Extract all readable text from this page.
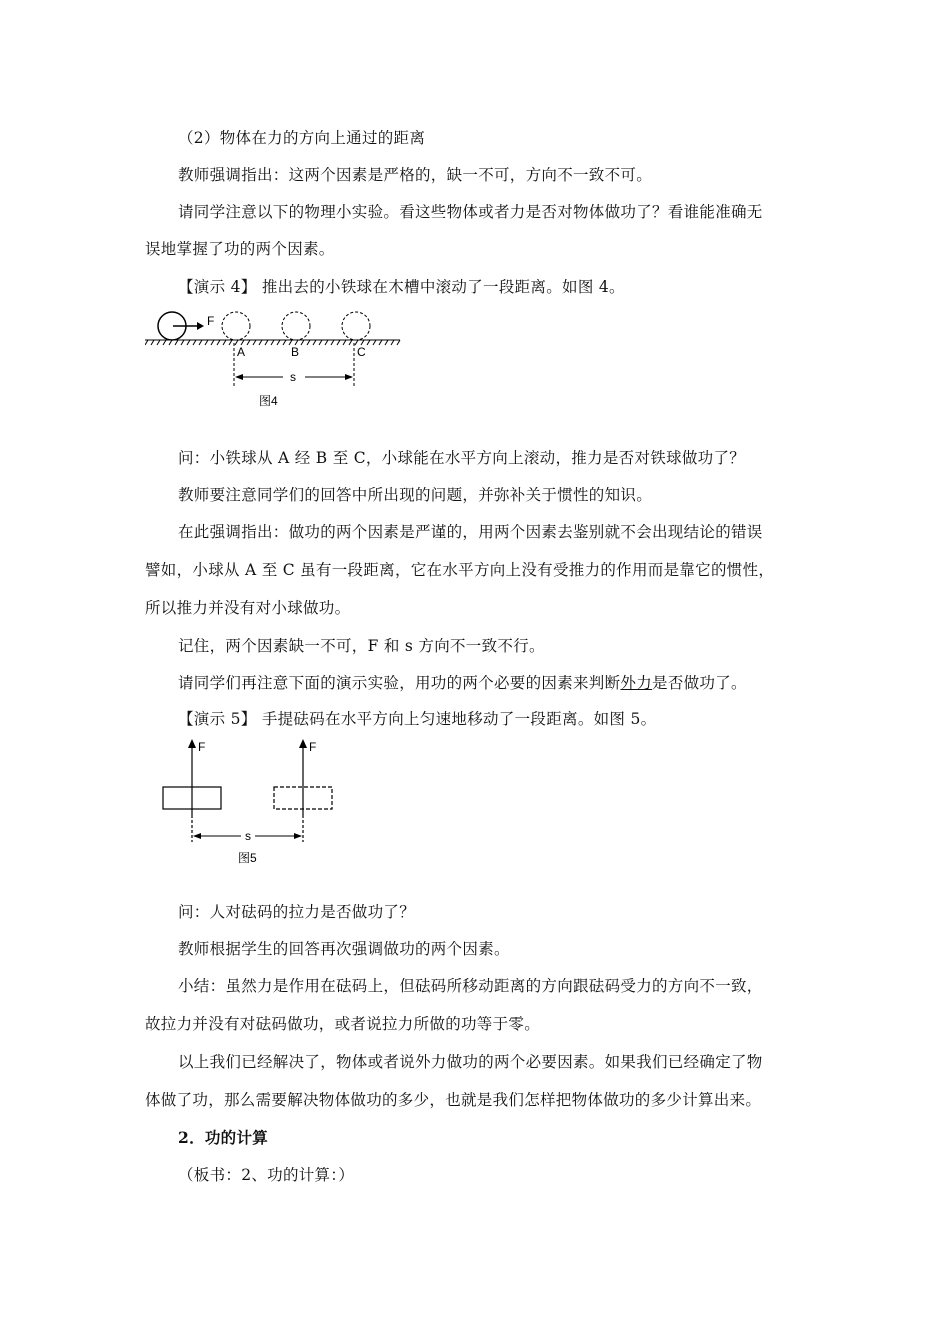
（2）物体在力的方向上通过的距离
教师强调指出：这两个因素是严格的，缺一不可，方向不一致不可。
请同学注意以下的物理小实验。看这些物体或者力是否对物体做功了？看谁能准确无
误地掌握了功的两个因素。
【演示 4】 推出去的小铁球在木槽中滚动了一段距离。如图 4。
F
A	B	C
s
图4
问：小铁球从 A 经 B 至 C，小球能在水平方向上滚动，推力是否对铁球做功了？
教师要注意同学们的回答中所出现的问题，并弥补关于惯性的知识。
在此强调指出：做功的两个因素是严谨的，用两个因素去鉴别就不会出现结论的错误
譬如，小球从 A 至 C 虽有一段距离，它在水平方向上没有受推力的作用而是靠它的惯性，
所以推力并没有对小球做功。
记住，两个因素缺一不可，F 和 s 方向不一致不行。
请同学们再注意下面的演示实验，用功的两个必要的因素来判断外力是否做功了。
【演示 5】 手提砝码在水平方向上匀速地移动了一段距离。如图 5。
F	F
s
图5
问：人对砝码的拉力是否做功了？
教师根据学生的回答再次强调做功的两个因素。
小结：虽然力是作用在砝码上，但砝码所移动距离的方向跟砝码受力的方向不一致，
故拉力并没有对砝码做功，或者说拉力所做的功等于零。
以上我们已经解决了，物体或者说外力做功的两个必要因素。如果我们已经确定了物
体做了功，那么需要解决物体做功的多少，也就是我们怎样把物体做功的多少计算出来。
2．功的计算
（板书：2、功的计算：）
